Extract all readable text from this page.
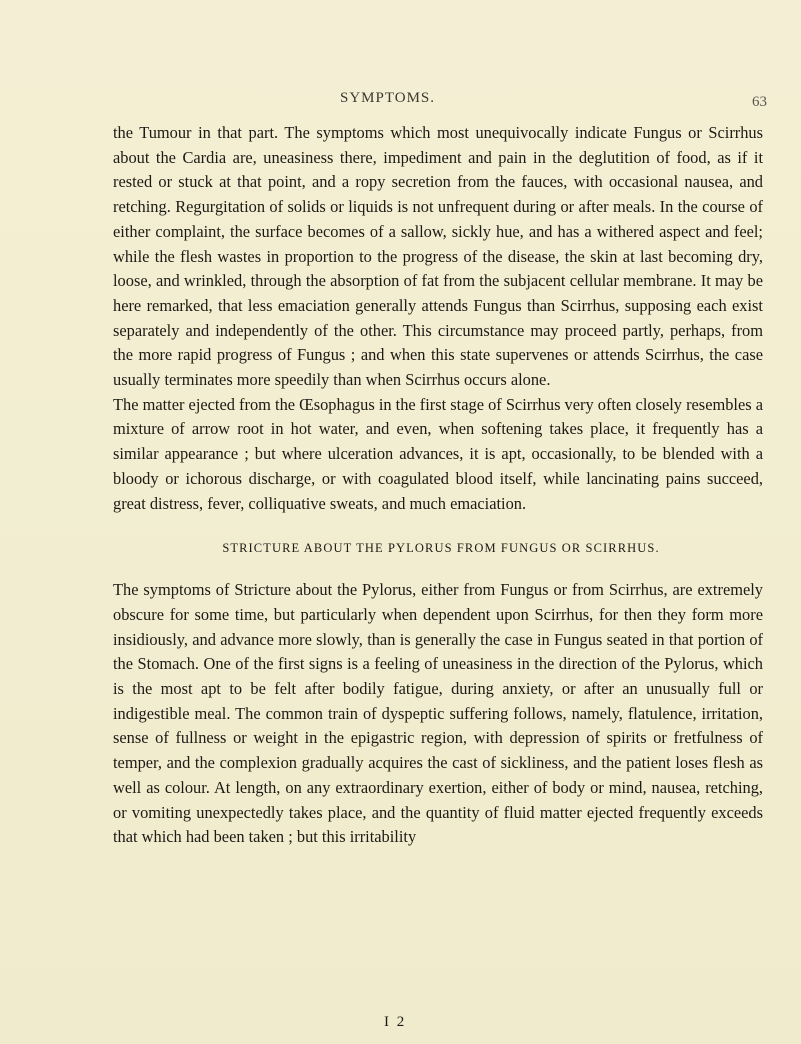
SYMPTOMS.	63

the Tumour in that part. The symptoms which most unequivocally indicate Fungus or Scirrhus about the Cardia are, uneasiness there, impediment and pain in the deglutition of food, as if it rested or stuck at that point, and a ropy secretion from the fauces, with occasional nausea, and retching. Regurgitation of solids or liquids is not unfrequent during or after meals. In the course of either complaint, the surface becomes of a sallow, sickly hue, and has a withered aspect and feel; while the flesh wastes in proportion to the progress of the disease, the skin at last becoming dry, loose, and wrinkled, through the absorption of fat from the subjacent cellular membrane. It may be here remarked, that less emaciation generally attends Fungus than Scirrhus, supposing each exist separately and independently of the other. This circumstance may proceed partly, perhaps, from the more rapid progress of Fungus ; and when this state supervenes or attends Scirrhus, the case usually terminates more speedily than when Scirrhus occurs alone.

The matter ejected from the Œsophagus in the first stage of Scirrhus very often closely resembles a mixture of arrow root in hot water, and even, when softening takes place, it frequently has a similar appearance ; but where ulceration advances, it is apt, occasionally, to be blended with a bloody or ichorous discharge, or with coagulated blood itself, while lancinating pains succeed, great distress, fever, colliquative sweats, and much emaciation.

STRICTURE ABOUT THE PYLORUS FROM FUNGUS OR SCIRRHUS.

The symptoms of Stricture about the Pylorus, either from Fungus or from Scirrhus, are extremely obscure for some time, but particularly when dependent upon Scirrhus, for then they form more insidiously, and advance more slowly, than is generally the case in Fungus seated in that portion of the Stomach. One of the first signs is a feeling of uneasiness in the direction of the Pylorus, which is the most apt to be felt after bodily fatigue, during anxiety, or after an unusually full or indigestible meal. The common train of dyspeptic suffering follows, namely, flatulence, irritation, sense of fullness or weight in the epigastric region, with depression of spirits or fretfulness of temper, and the complexion gradually acquires the cast of sickliness, and the patient loses flesh as well as colour. At length, on any extraordinary exertion, either of body or mind, nausea, retching, or vomiting unexpectedly takes place, and the quantity of fluid matter ejected frequently exceeds that which had been taken ; but this irritability

I 2
